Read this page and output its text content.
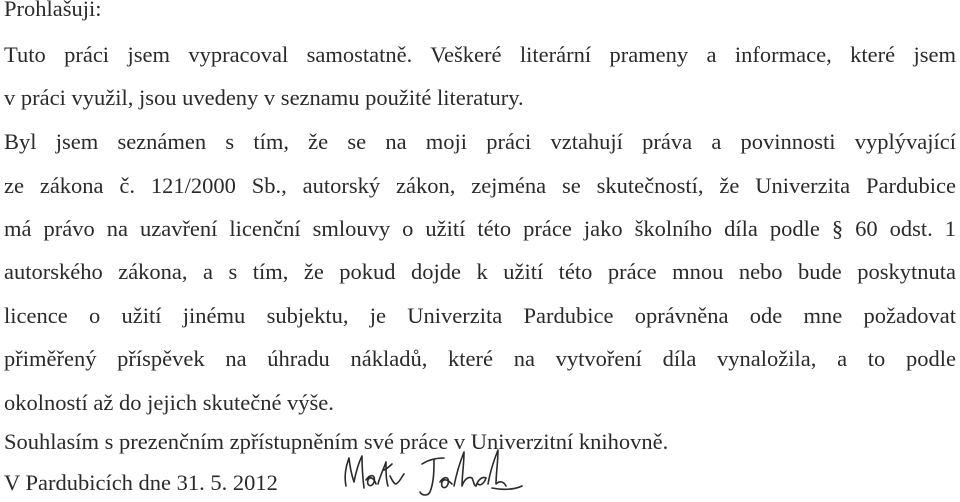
Prohlašuji:
Tuto práci jsem vypracoval samostatně. Veškeré literární prameny a informace, které jsem
v práci využil, jsou uvedeny v seznamu použité literatury.
Byl jsem seznámen s tím, že se na moji práci vztahují práva a povinnosti vyplývající
ze zákona č. 121/2000 Sb., autorský zákon, zejména se skutečností, že Univerzita Pardubice
má právo na uzavření licenční smlouvy o užití této práce jako školního díla podle § 60 odst. 1
autorského zákona, a s tím, že pokud dojde k užití této práce mnou nebo bude poskytnuta
licence o užití jinému subjektu, je Univerzita Pardubice oprávněna ode mne požadovat
přiměřený příspěvek na úhradu nákladů, které na vytvoření díla vynaložila, a to podle
okolností až do jejich skutečné výše.
Souhlasím s prezenčním zpřístupněním své práce v Univerzitní knihovně.
V Pardubicích dne 31. 5. 2012
